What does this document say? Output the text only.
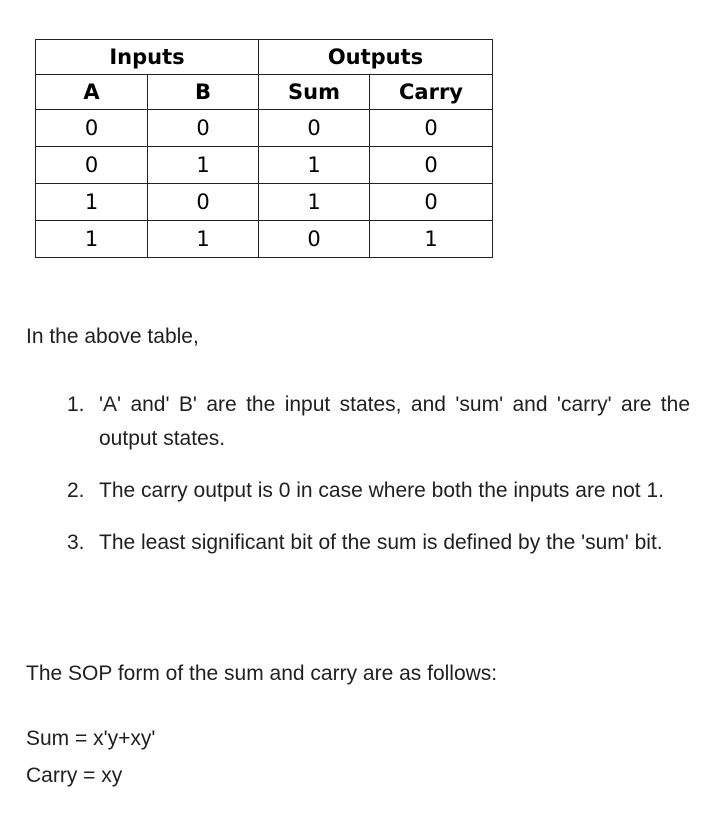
Inputs		Outputs	
A	B	Sum	Carry
0	0	0	0
0	1	1	0
1	0	1	0
1	1	0	1

In the above table,

1. 'A' and' B' are the input states, and 'sum' and 'carry' are the output states.
2. The carry output is 0 in case where both the inputs are not 1.
3. The least significant bit of the sum is defined by the 'sum' bit.

The SOP form of the sum and carry are as follows:

Sum = x'y+xy'

Carry = xy
